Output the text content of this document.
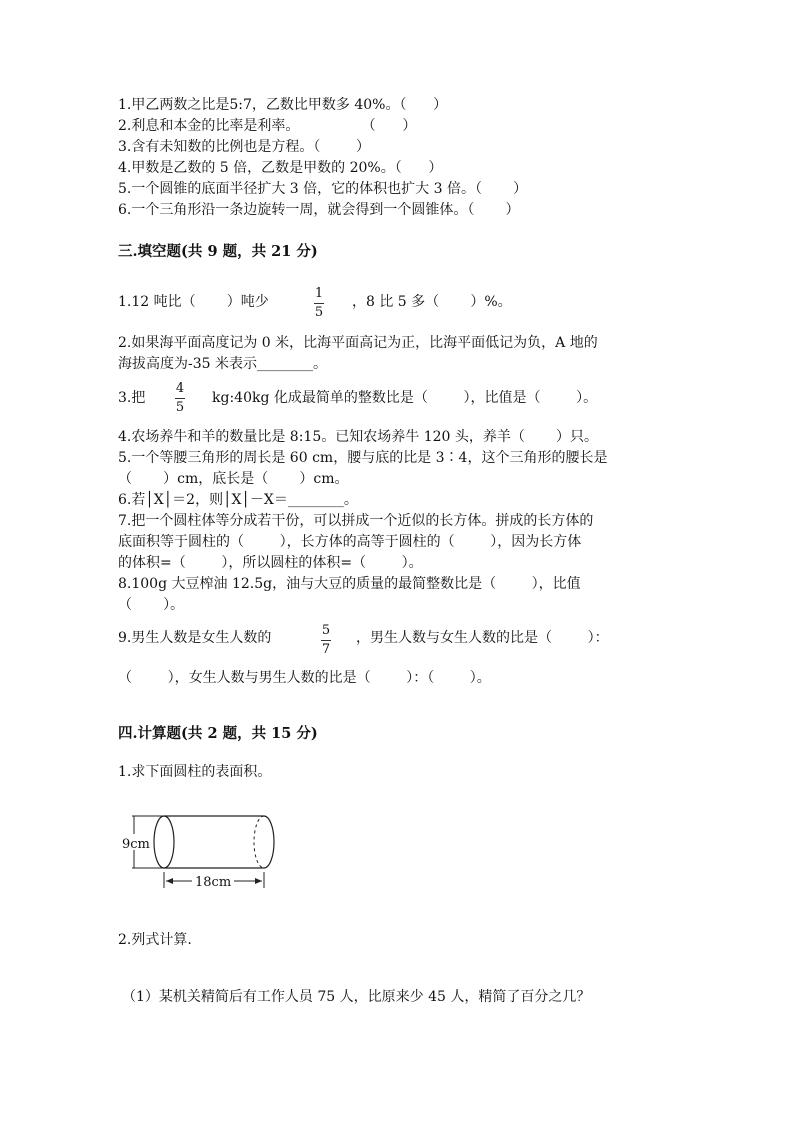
1.甲乙两数之比是5:7，乙数比甲数多 40%。（      ）
2.利息和本金的比率是利率。              （      ）
3.含有未知数的比例也是方程。（        ）
4.甲数是乙数的 5 倍，乙数是甲数的 20%。（      ）
5.一个圆锥的底面半径扩大 3 倍，它的体积也扩大 3 倍。（       ）
6.一个三角形沿一条边旋转一周，就会得到一个圆锥体。（       ）
三.填空题(共 9 题，共 21 分)
1.12 吨比（       ）吨少
1
5
，8 比 5 多（       ）%。
2.如果海平面高度记为 0 米，比海平面高记为正，比海平面低记为负，A 地的
海拔高度为-35 米表示________。
3.把
4
5
kg:40kg 化成最简单的整数比是（        ），比值是（        ）。
4.农场养牛和羊的数量比是 8:15。已知农场养牛 120 头，养羊（       ）只。
5.一个等腰三角形的周长是 60 cm，腰与底的比是 3∶4，这个三角形的腰长是
（       ）cm，底长是（       ）cm。
6.若│X│＝2，则│X│－X＝________。
7.把一个圆柱体等分成若干份，可以拼成一个近似的长方体。拼成的长方体的
底面积等于圆柱的（        ），长方体的高等于圆柱的（        ），因为长方体
的体积=（        ），所以圆柱的体积=（        ）。
8.100g 大豆榨油 12.5g，油与大豆的质量的最简整数比是（        ），比值
（       ）。
9.男生人数是女生人数的	5
7
，男生人数与女生人数的比是（        ）：
（        ），女生人数与男生人数的比是（        ）：（        ）。
四.计算题(共 2 题，共 15 分)
1.求下面圆柱的表面积。
9cm
18cm
2.列式计算.
（1）某机关精简后有工作人员 75 人，比原来少 45 人，精简了百分之几？
